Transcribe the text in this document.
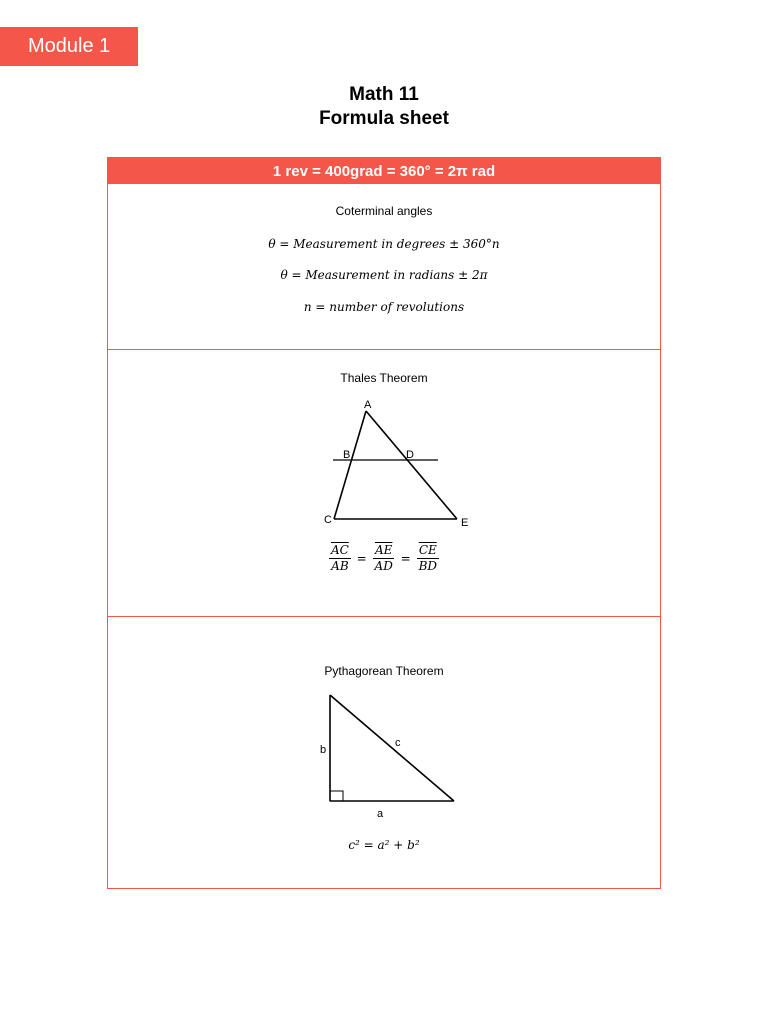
Module 1
Math 11
Formula sheet
1 rev = 400grad = 360° = 2π rad
Coterminal angles
θ = Measurement in degrees ± 360°n
θ = Measurement in radians ± 2π
n = number of revolutions
Thales Theorem
A
B	D
C	E
$\frac{\overline{AC}}{AB} = \frac{\overline{AE}}{AD} = \frac{\overline{CE}}{BD}$
Pythagorean Theorem
b
c
a
c² = a² + b²
